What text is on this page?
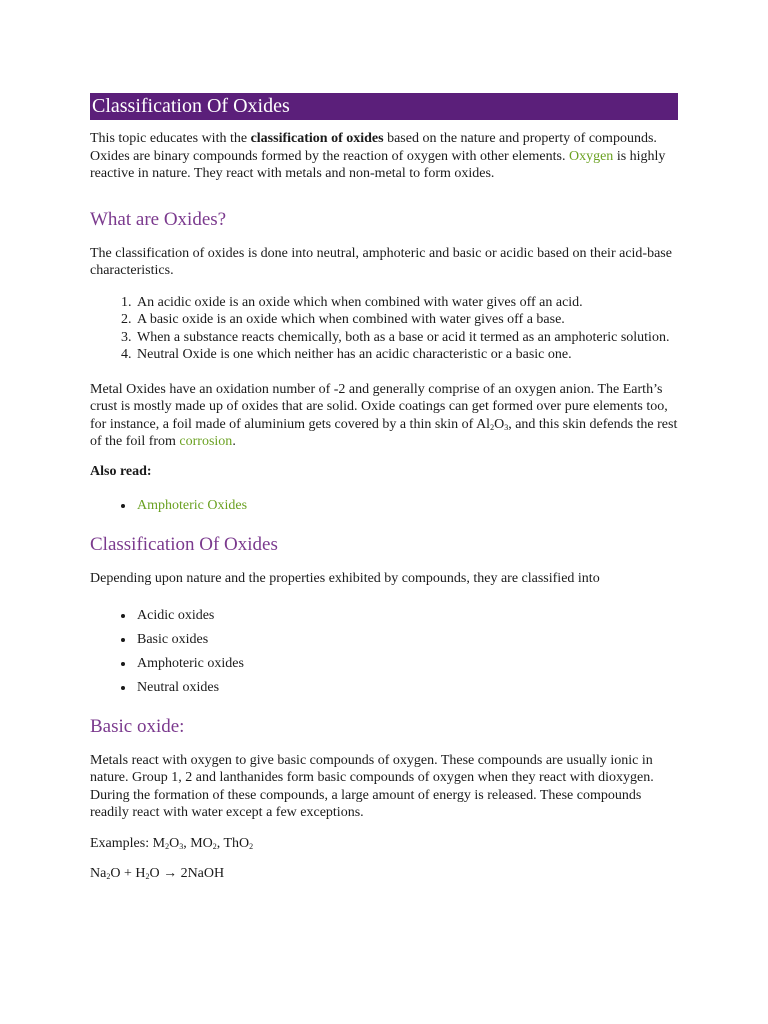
Classification Of Oxides

This topic educates with the classification of oxides based on the nature and property of compounds. Oxides are binary compounds formed by the reaction of oxygen with other elements. Oxygen is highly reactive in nature. They react with metals and non-metal to form oxides.

What are Oxides?

The classification of oxides is done into neutral, amphoteric and basic or acidic based on their acid-base characteristics.

1. An acidic oxide is an oxide which when combined with water gives off an acid.
2. A basic oxide is an oxide which when combined with water gives off a base.
3. When a substance reacts chemically, both as a base or acid it termed as an amphoteric solution.
4. Neutral Oxide is one which neither has an acidic characteristic or a basic one.

Metal Oxides have an oxidation number of -2 and generally comprise of an oxygen anion. The Earth’s crust is mostly made up of oxides that are solid. Oxide coatings can get formed over pure elements too, for instance, a foil made of aluminium gets covered by a thin skin of $Al_2O_3$, and this skin defends the rest of the foil from corrosion.

Also read:

• Amphoteric Oxides
Classification Of Oxides

Depending upon nature and the properties exhibited by compounds, they are classified into

• Acidic oxides
• Basic oxides
• Amphoteric oxides
• Neutral oxides
Basic oxide:

Metals react with oxygen to give basic compounds of oxygen. These compounds are usually ionic in nature. Group 1, 2 and lanthanides form basic compounds of oxygen when they react with dioxygen. During the formation of these compounds, a large amount of energy is released. These compounds readily react with water except a few exceptions.

Examples: $M_2O_3$, $MO_2$, ThO$_2$

$Na_2O + H_2O$ → 2NaOH
